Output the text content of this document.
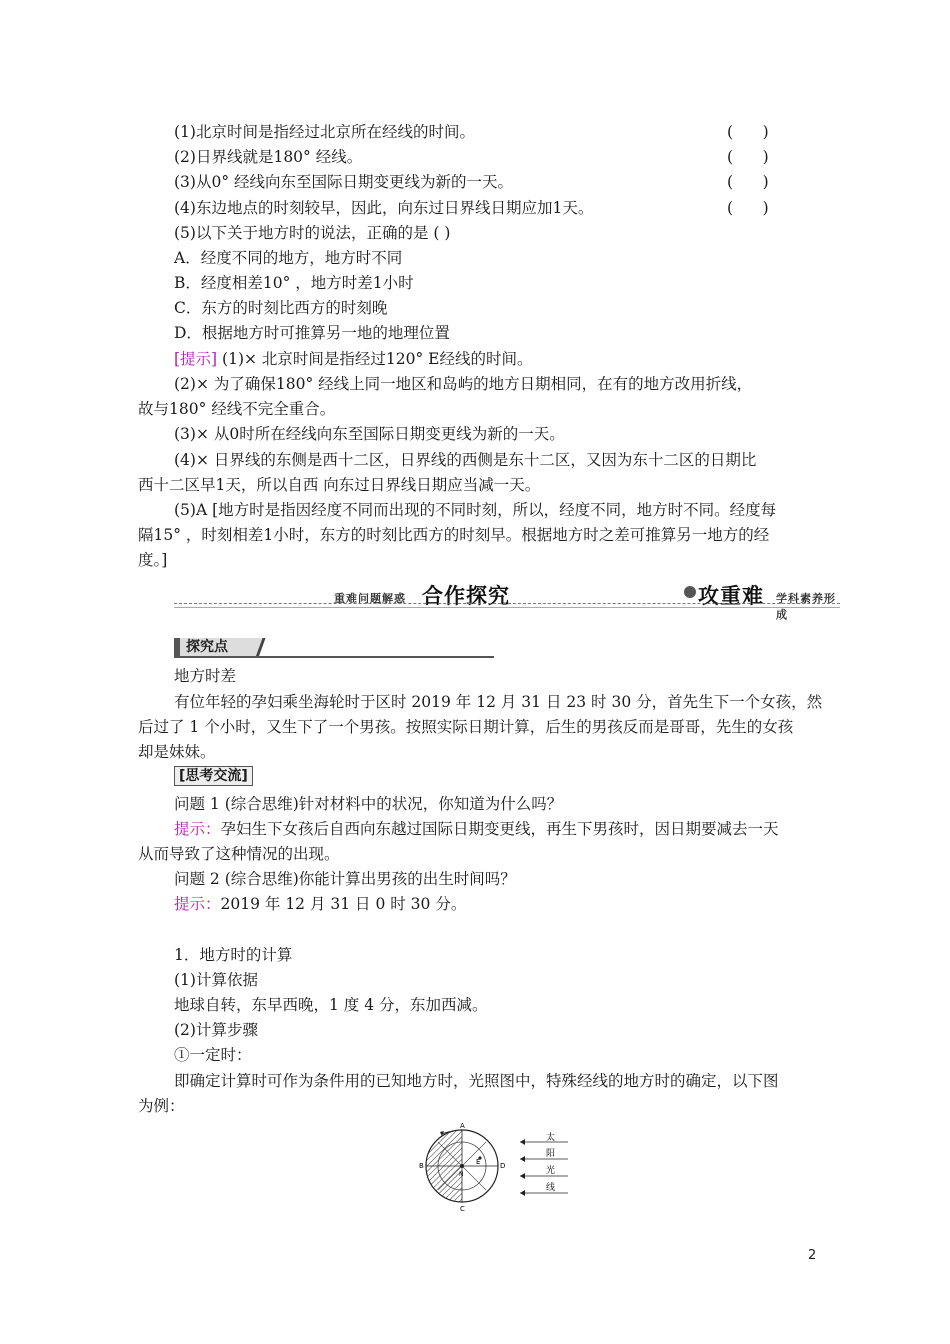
(1)北京时间是指经过北京所在经线的时间。	(      )
(2)日界线就是180° 经线。	(      )
(3)从0° 经线向东至国际日期变更线为新的一天。	(      )
(4)东边地点的时刻较早，因此，向东过日界线日期应加1天。	(      )
(5)以下关于地方时的说法，正确的是 ( )
A．经度不同的地方，地方时不同
B．经度相差10° ，地方时差1小时
C．东方的时刻比西方的时刻晚
D．根据地方时可推算另一地的地理位置
[提示] (1)× 北京时间是指经过120° E经线的时间。
(2)× 为了确保180° 经线上同一地区和岛屿的地方日期相同，在有的地方改用折线，
故与180° 经线不完全重合。
(3)× 从0时所在经线向东至国际日期变更线为新的一天。
(4)× 日界线的东侧是西十二区，日界线的西侧是东十二区，又因为东十二区的日期比
西十二区早1天，所以自西 向东过日界线日期应当减一天。
(5)A [地方时是指因经度不同而出现的不同时刻，所以，经度不同，地方时不同。经度每
隔15° ，时刻相差1小时，东方的时刻比西方的时刻早。根据地方时之差可推算另一地方的经
度。]
重难问题解惑 合作探究	攻重难 学科素养形成
探究点
地方时差
有位年轻的孕妇乘坐海轮时于区时 2019 年 12 月 31 日 23 时 30 分，首先生下一个女孩，然
后过了 1 个小时，又生下了一个男孩。按照实际日期计算，后生的男孩反而是哥哥，先生的女孩
却是妹妹。
[思考交流]
问题 1 (综合思维)针对材料中的状况，你知道为什么吗？
提示：孕妇生下女孩后自西向东越过国际日期变更线，再生下男孩时，因日期要减去一天
从而导致了这种情况的出现。
问题 2 (综合思维)你能计算出男孩的出生时间吗？
提示：2019 年 12 月 31 日 0 时 30 分。
1．地方时的计算
(1)计算依据
地球自转，东早西晚，1 度 4 分，东加西减。
(2)计算步骤
①一定时：
即确定计算时可作为条件用的已知地方时，光照图中，特殊经线的地方时的确定，以下图
为例：
A
B
C
D
E
N
太
阳
光
线
2
